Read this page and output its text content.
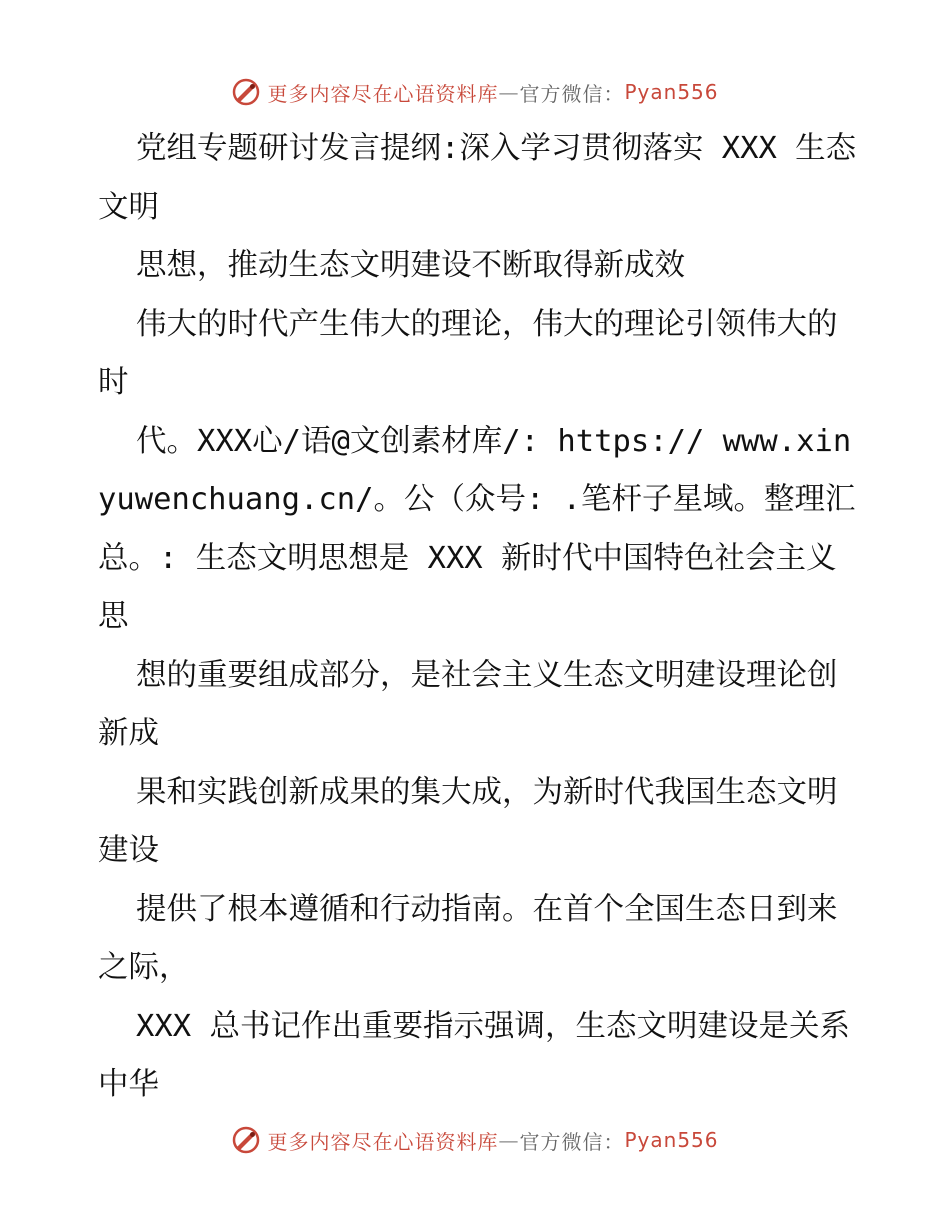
更多内容尽在心语资料库 — 官方微信： Pyan556

党组专题研讨发言提纲:深入学习贯彻落实 XXX 生态文明

思想，推动生态文明建设不断取得新成效

伟大的时代产生伟大的理论，伟大的理论引领伟大的时

代。XXX心/语@文创素材库/: https:// www.xinyuwenchuang.cn/。公（众号: .笔杆子星域。整理汇总。: 生态文明思想是 XXX 新时代中国特色社会主义思

想的重要组成部分，是社会主义生态文明建设理论创新成

果和实践创新成果的集大成，为新时代我国生态文明建设

提供了根本遵循和行动指南。在首个全国生态日到来之际，

XXX 总书记作出重要指示强调，生态文明建设是关系中华

更多内容尽在心语资料库 — 官方微信： Pyan556
